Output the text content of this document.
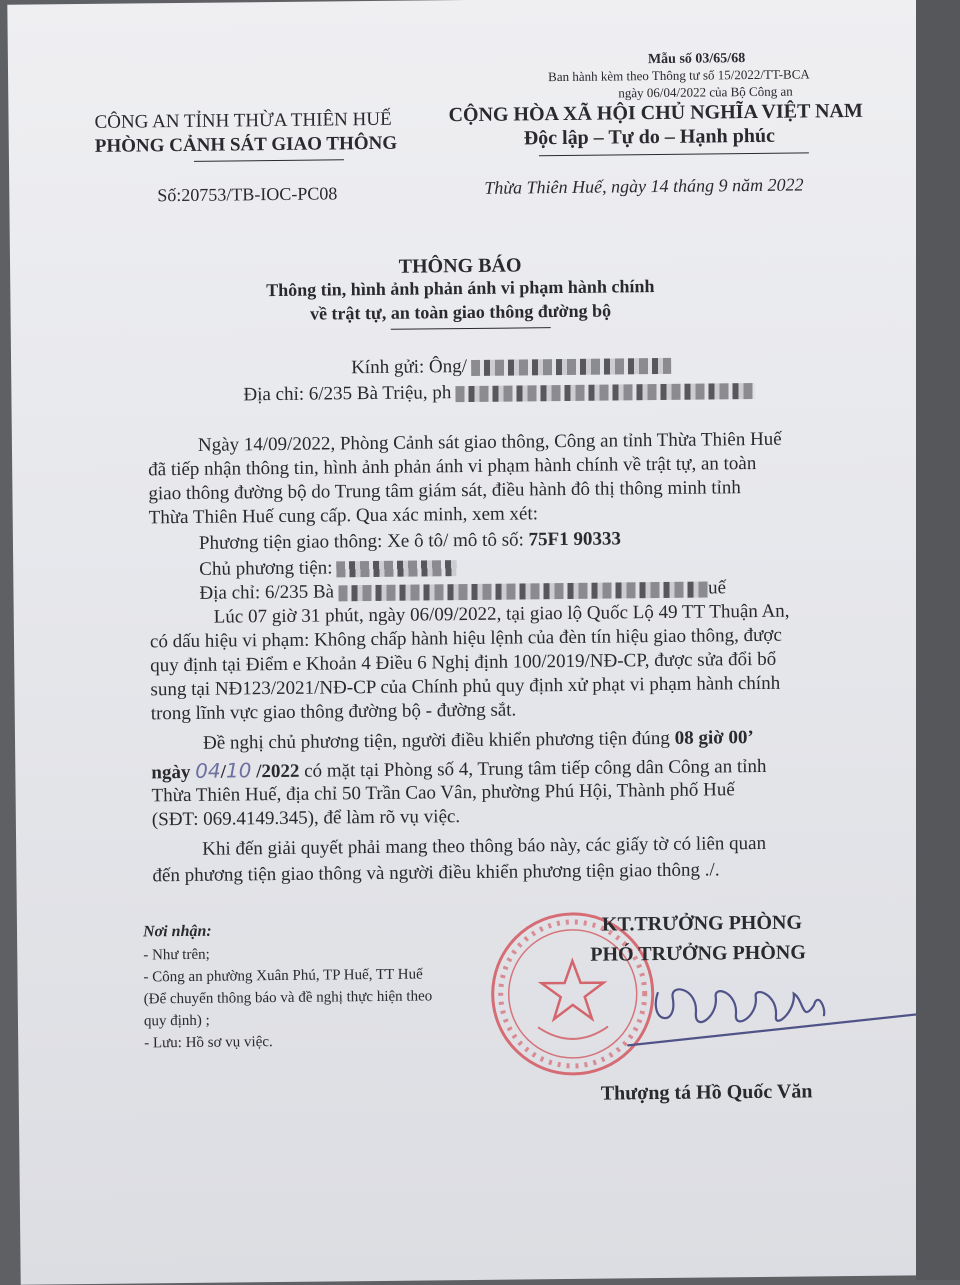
Mẫu số 03/65/68
Ban hành kèm theo Thông tư số 15/2022/TT-BCA
ngày 06/04/2022 của Bộ Công an
CÔNG AN TỈNH THỪA THIÊN HUẾ
PHÒNG CẢNH SÁT GIAO THÔNG
CỘNG HÒA XÃ HỘI CHỦ NGHĨA VIỆT NAM
Độc lập – Tự do – Hạnh phúc
Số:20753/TB-IOC-PC08	Thừa Thiên Huế, ngày 14 tháng 9 năm 2022
THÔNG BÁO
Thông tin, hình ảnh phản ánh vi phạm hành chính
về trật tự, an toàn giao thông đường bộ
Kính gửi: Ông/
Địa chỉ: 6/235 Bà Triệu, ph
Ngày 14/09/2022, Phòng Cảnh sát giao thông, Công an tỉnh Thừa Thiên Huế
đã tiếp nhận thông tin, hình ảnh phản ánh vi phạm hành chính về trật tự, an toàn
giao thông đường bộ do Trung tâm giám sát, điều hành đô thị thông minh tỉnh
Thừa Thiên Huế cung cấp. Qua xác minh, xem xét:
Phương tiện giao thông: Xe ô tô/ mô tô số: 75F1 90333
Chủ phương tiện:
Địa chỉ: 6/235 Bà	uế
Lúc 07 giờ 31 phút, ngày 06/09/2022, tại giao lộ Quốc Lộ 49 TT Thuận An,
có dấu hiệu vi phạm: Không chấp hành hiệu lệnh của đèn tín hiệu giao thông, được
quy định tại Điểm e Khoản 4 Điều 6 Nghị định 100/2019/NĐ-CP, được sửa đổi bổ
sung tại NĐ123/2021/NĐ-CP của Chính phủ quy định xử phạt vi phạm hành chính
trong lĩnh vực giao thông đường bộ - đường sắt.
Đề nghị chủ phương tiện, người điều khiển phương tiện đúng 08 giờ 00’
ngày 04/10 /2022 có mặt tại Phòng số 4, Trung tâm tiếp công dân Công an tỉnh
Thừa Thiên Huế, địa chỉ 50 Trần Cao Vân, phường Phú Hội, Thành phố Huế
(SĐT: 069.4149.345), để làm rõ vụ việc.
Khi đến giải quyết phải mang theo thông báo này, các giấy tờ có liên quan
đến phương tiện giao thông và người điều khiển phương tiện giao thông ./.
Nơi nhận:
- Như trên;
- Công an phường Xuân Phú, TP Huế, TT Huế
(Để chuyển thông báo và đề nghị thực hiện theo
quy định) ;
- Lưu: Hồ sơ vụ việc.
KT.TRƯỞNG PHÒNG
PHÓ TRƯỞNG PHÒNG
Thượng tá Hồ Quốc Văn
